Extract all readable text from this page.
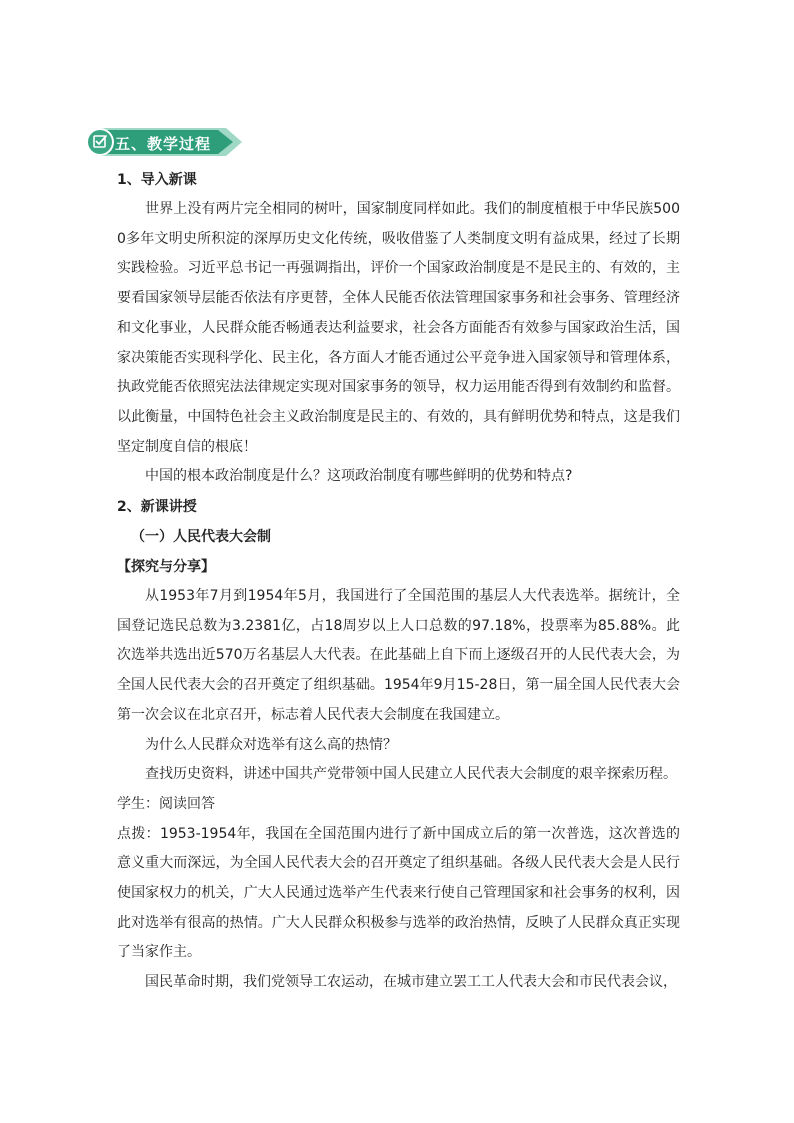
五、教学过程

1、导入新课

世界上没有两片完全相同的树叶，国家制度同样如此。我们的制度植根于中华民族5000多年文明史所积淀的深厚历史文化传统，吸收借鉴了人类制度文明有益成果，经过了长期实践检验。习近平总书记一再强调指出，评价一个国家政治制度是不是民主的、有效的，主要看国家领导层能否依法有序更替，全体人民能否依法管理国家事务和社会事务、管理经济和文化事业，人民群众能否畅通表达利益要求，社会各方面能否有效参与国家政治生活，国家决策能否实现科学化、民主化，各方面人才能否通过公平竞争进入国家领导和管理体系，执政党能否依照宪法法律规定实现对国家事务的领导，权力运用能否得到有效制约和监督。以此衡量，中国特色社会主义政治制度是民主的、有效的，具有鲜明优势和特点，这是我们坚定制度自信的根底！

中国的根本政治制度是什么？这项政治制度有哪些鲜明的优势和特点?

2、新课讲授

（一）人民代表大会制

【探究与分享】

从1953年7月到1954年5月，我国进行了全国范围的基层人大代表选举。据统计，全国登记选民总数为3.2381亿，占18周岁以上人口总数的97.18%，投票率为85.88%。此次选举共选出近570万名基层人大代表。在此基础上自下而上逐级召开的人民代表大会，为全国人民代表大会的召开奠定了组织基础。1954年9月15-28日，第一届全国人民代表大会第一次会议在北京召开，标志着人民代表大会制度在我国建立。

为什么人民群众对选举有这么高的热情？

查找历史资料，讲述中国共产党带领中国人民建立人民代表大会制度的艰辛探索历程。

学生：阅读回答

点拨：1953-1954年，我国在全国范围内进行了新中国成立后的第一次普选，这次普选的意义重大而深远，为全国人民代表大会的召开奠定了组织基础。各级人民代表大会是人民行使国家权力的机关，广大人民通过选举产生代表来行使自己管理国家和社会事务的权利，因此对选举有很高的热情。广大人民群众积极参与选举的政治热情，反映了人民群众真正实现了当家作主。

国民革命时期，我们党领导工农运动，在城市建立罢工工人代表大会和市民代表会议，
